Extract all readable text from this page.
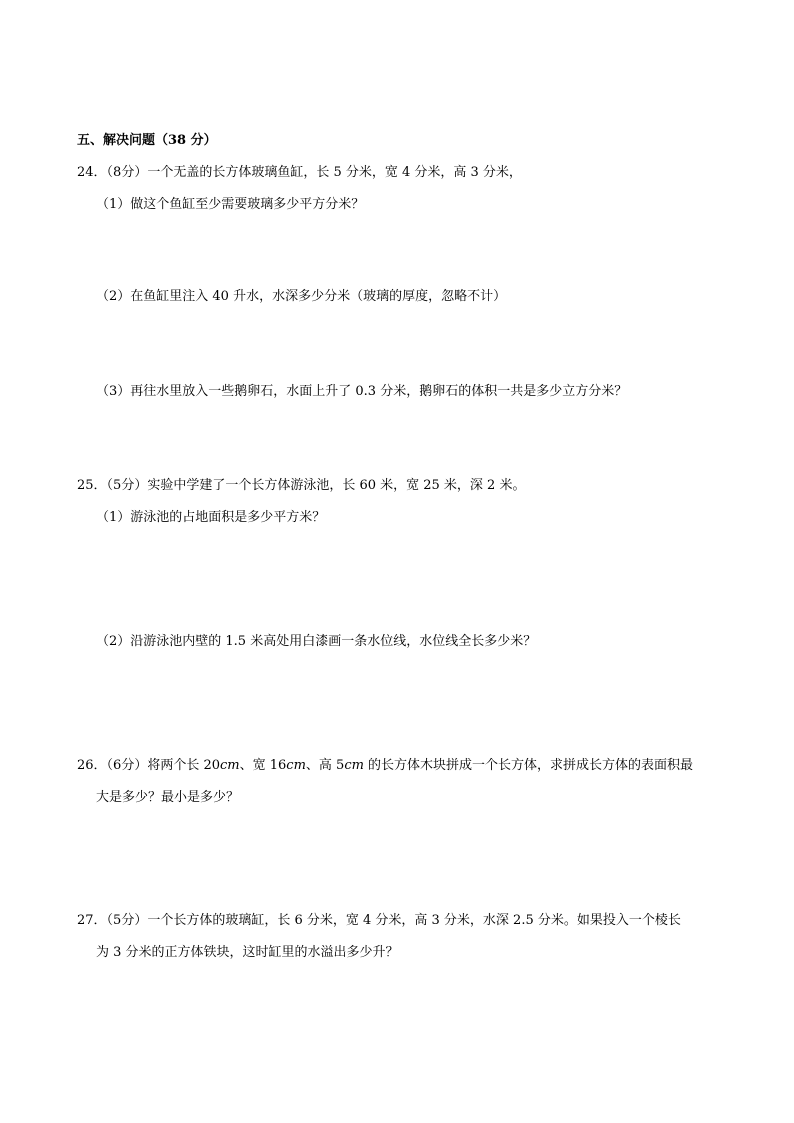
五、解决问题（38 分）
24．（8分）一个无盖的长方体玻璃鱼缸，长 5 分米，宽 4 分米，高 3 分米，
（1）做这个鱼缸至少需要玻璃多少平方分米？
（2）在鱼缸里注入 40 升水，水深多少分米（玻璃的厚度，忽略不计）
（3）再往水里放入一些鹅卵石，水面上升了 0.3 分米，鹅卵石的体积一共是多少立方分米？
25．（5分）实验中学建了一个长方体游泳池，长 60 米，宽 25 米，深 2 米。
（1）游泳池的占地面积是多少平方米？
（2）沿游泳池内壁的 1.5 米高处用白漆画一条水位线，水位线全长多少米？
26．（6分）将两个长 20cm、宽 16cm、高 5cm 的长方体木块拼成一个长方体，求拼成长方体的表面积最
大是多少？最小是多少？
27．（5分）一个长方体的玻璃缸，长 6 分米，宽 4 分米，高 3 分米，水深 2.5 分米。如果投入一个棱长
为 3 分米的正方体铁块，这时缸里的水溢出多少升？
